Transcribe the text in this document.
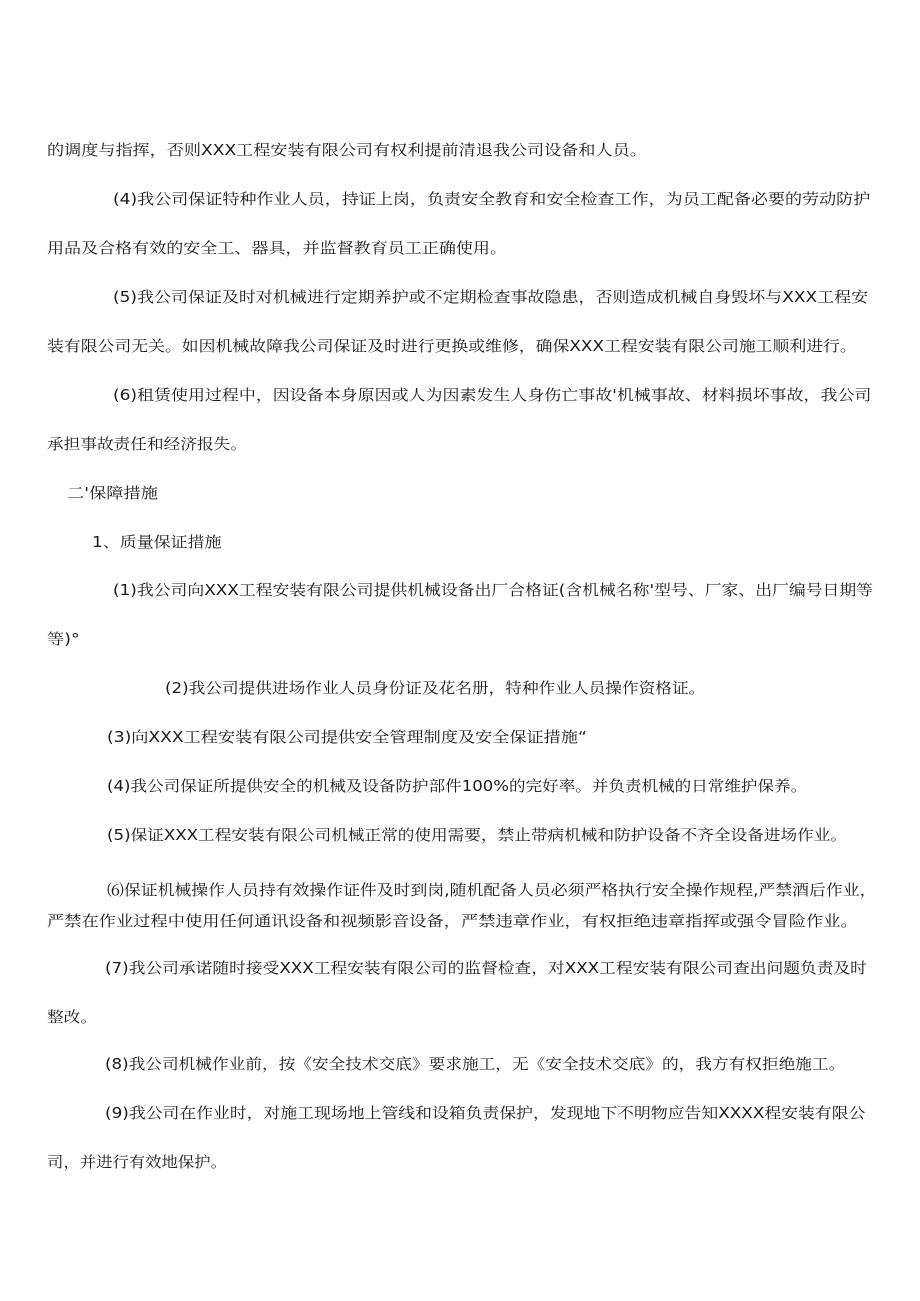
的调度与指挥，否则XXX工程安装有限公司有权利提前清退我公司设备和人员。
(4)我公司保证特种作业人员，持证上岗，负责安全教育和安全检查工作，为员工配备必要的劳动防护
用品及合格有效的安全工、器具，并监督教育员工正确使用。
(5)我公司保证及时对机械进行定期养护或不定期检查事故隐患，否则造成机械自身毁坏与XXX工程安
装有限公司无关。如因机械故障我公司保证及时进行更换或维修，确保XXX工程安装有限公司施工顺利进行。
(6)租赁使用过程中，因设备本身原因或人为因素发生人身伤亡事故'机械事故、材料损坏事故，我公司
承担事故责任和经济报失。
二'保障措施
1、质量保证措施
(1)我公司向XXX工程安装有限公司提供机械设备出厂合格证(含机械名称'型号、厂家、出厂编号日期等
等)°
(2)我公司提供进场作业人员身份证及花名册，特种作业人员操作资格证。
(3)向XXX工程安装有限公司提供安全管理制度及安全保证措施“
(4)我公司保证所提供安全的机械及设备防护部件100%的完好率。并负责机械的日常维护保养。
(5)保证XXX工程安装有限公司机械正常的使用需要，禁止带病机械和防护设备不齐全设备进场作业。
⑹保证机械操作人员持有效操作证件及时到岗,随机配备人员必须严格执行安全操作规程,严禁酒后作业，
严禁在作业过程中使用任何通讯设备和视频影音设备，严禁违章作业，有权拒绝违章指挥或强令冒险作业。
(7)我公司承诺随时接受XXX工程安装有限公司的监督检查，对XXX工程安装有限公司查出问题负责及时
整改。
(8)我公司机械作业前，按《安全技术交底》要求施工，无《安全技术交底》的，我方有权拒绝施工。
(9)我公司在作业时，对施工现场地上管线和设箱负责保护，发现地下不明物应告知XXXX程安装有限公
司，并进行有效地保护。
